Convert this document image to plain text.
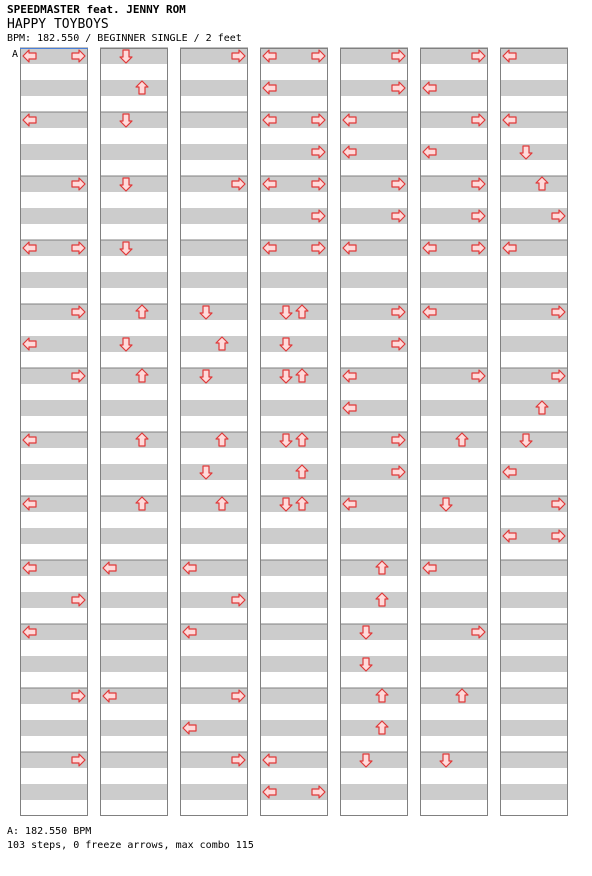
SPEEDMASTER feat. JENNY ROM
HAPPY TOYBOYS
BPM: 182.550 / BEGINNER SINGLE / 2 feet
A
A: 182.550 BPM
103 steps, 0 freeze arrows, max combo 115
